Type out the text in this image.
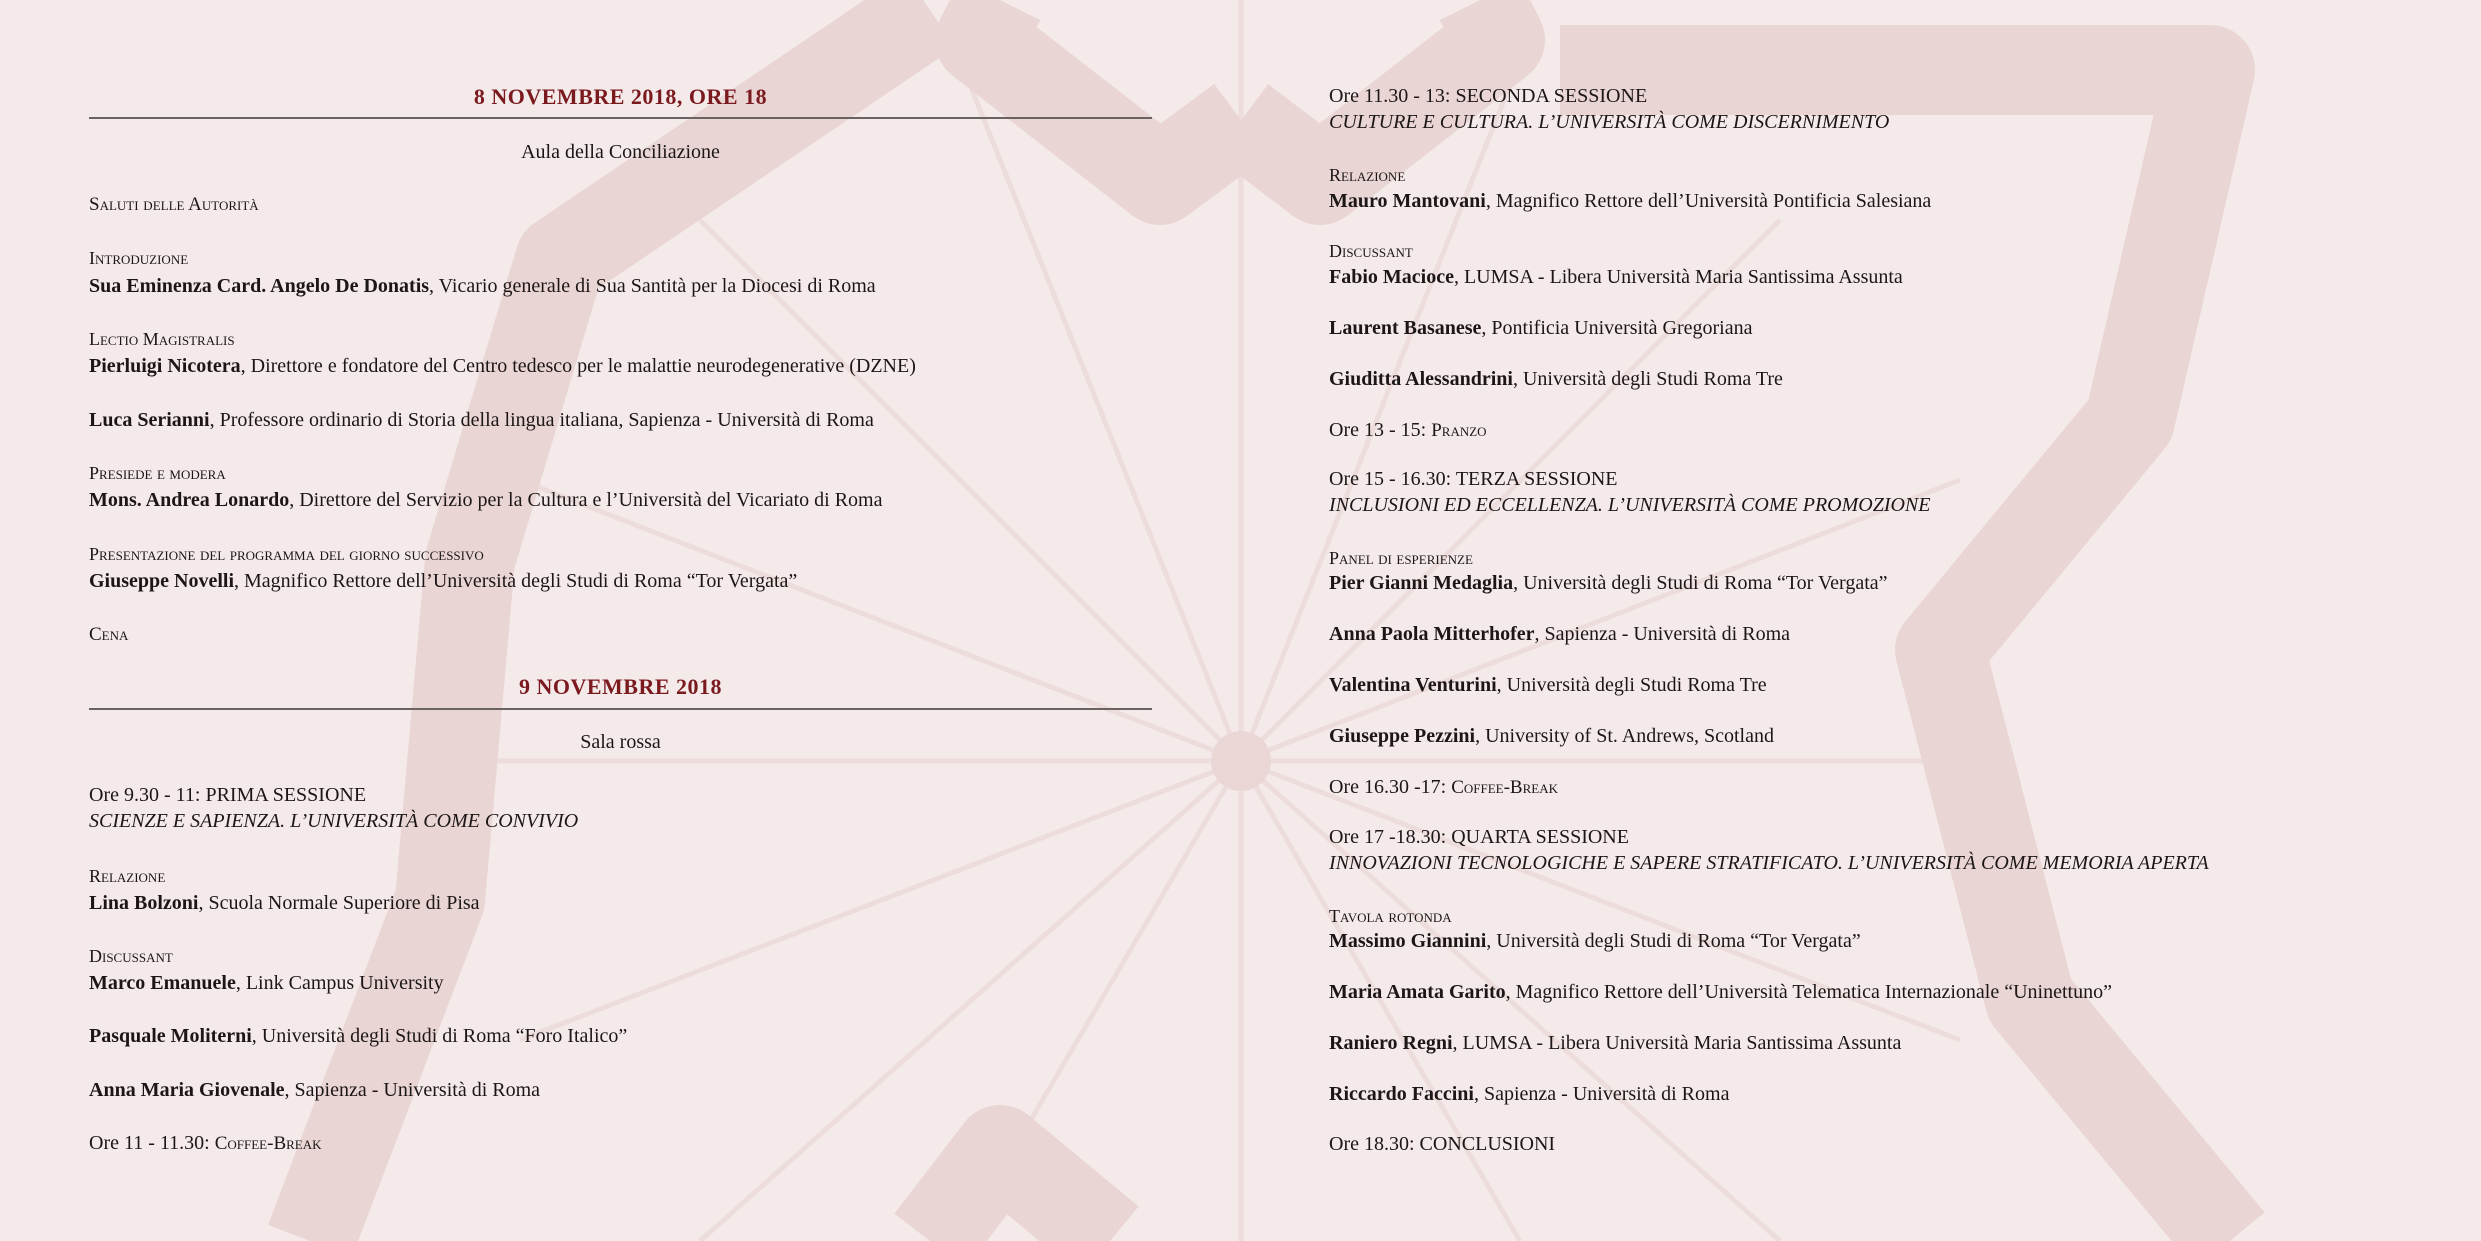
8 NOVEMBRE 2018, ORE 18
Aula della Conciliazione
Saluti delle Autorità
Introduzione
Sua Eminenza Card. Angelo De Donatis, Vicario generale di Sua Santità per la Diocesi di Roma
Lectio Magistralis
Pierluigi Nicotera, Direttore e fondatore del Centro tedesco per le malattie neurodegenerative (DZNE)
Luca Serianni, Professore ordinario di Storia della lingua italiana, Sapienza - Università di Roma
Presiede e modera
Mons. Andrea Lonardo, Direttore del Servizio per la Cultura e l’Università del Vicariato di Roma
Presentazione del programma del giorno successivo
Giuseppe Novelli, Magnifico Rettore dell’Università degli Studi di Roma “Tor Vergata”
Cena
9 NOVEMBRE 2018
Sala rossa
Ore 9.30 - 11: PRIMA SESSIONE
SCIENZE E SAPIENZA. L’UNIVERSITÀ COME CONVIVIO
Relazione
Lina Bolzoni, Scuola Normale Superiore di Pisa
Discussant
Marco Emanuele, Link Campus University
Pasquale Moliterni, Università degli Studi di Roma “Foro Italico”
Anna Maria Giovenale, Sapienza - Università di Roma
Ore 11 - 11.30: Coffee-Break
Ore 11.30 - 13: SECONDA SESSIONE
CULTURE E CULTURA. L’UNIVERSITÀ COME DISCERNIMENTO
Relazione
Mauro Mantovani, Magnifico Rettore dell’Università Pontificia Salesiana
Discussant
Fabio Macioce, LUMSA - Libera Università Maria Santissima Assunta
Laurent Basanese, Pontificia Università Gregoriana
Giuditta Alessandrini, Università degli Studi Roma Tre
Ore 13 - 15: Pranzo
Ore 15 - 16.30: TERZA SESSIONE
INCLUSIONI ED ECCELLENZA. L’UNIVERSITÀ COME PROMOZIONE
Panel di esperienze
Pier Gianni Medaglia, Università degli Studi di Roma “Tor Vergata”
Anna Paola Mitterhofer, Sapienza - Università di Roma
Valentina Venturini, Università degli Studi Roma Tre
Giuseppe Pezzini, University of St. Andrews, Scotland
Ore 16.30 -17: Coffee-Break
Ore 17 -18.30: QUARTA SESSIONE
INNOVAZIONI TECNOLOGICHE E SAPERE STRATIFICATO. L’UNIVERSITÀ COME MEMORIA APERTA
Tavola rotonda
Massimo Giannini, Università degli Studi di Roma “Tor Vergata”
Maria Amata Garito, Magnifico Rettore dell’Università Telematica Internazionale “Uninettuno”
Raniero Regni, LUMSA - Libera Università Maria Santissima Assunta
Riccardo Faccini, Sapienza - Università di Roma
Ore 18.30: CONCLUSIONI
